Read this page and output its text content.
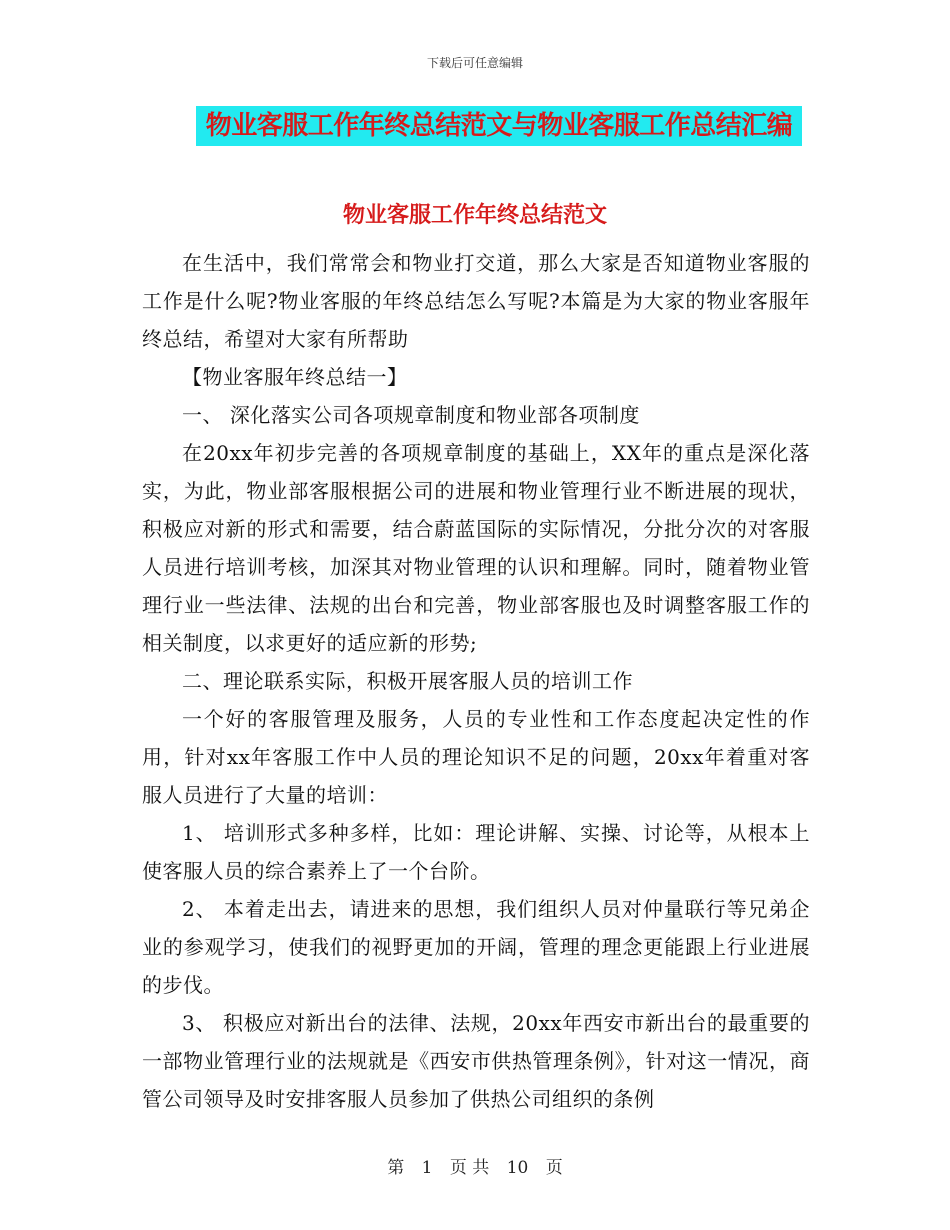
下载后可任意编辑
物业客服工作年终总结范文与物业客服工作总结汇编
物业客服工作年终总结范文

在生活中，我们常常会和物业打交道，那么大家是否知道物业客服的工作是什么呢?物业客服的年终总结怎么写呢?本篇是为大家的物业客服年终总结，希望对大家有所帮助

【物业客服年终总结一】

一、 深化落实公司各项规章制度和物业部各项制度

在20xx年初步完善的各项规章制度的基础上，XX年的重点是深化落实，为此，物业部客服根据公司的进展和物业管理行业不断进展的现状，积极应对新的形式和需要，结合蔚蓝国际的实际情况，分批分次的对客服人员进行培训考核，加深其对物业管理的认识和理解。同时，随着物业管理行业一些法律、法规的出台和完善，物业部客服也及时调整客服工作的相关制度，以求更好的适应新的形势;

二、理论联系实际，积极开展客服人员的培训工作

一个好的客服管理及服务，人员的专业性和工作态度起决定性的作用，针对xx年客服工作中人员的理论知识不足的问题，20xx年着重对客服人员进行了大量的培训：

1、 培训形式多种多样，比如：理论讲解、实操、讨论等，从根本上使客服人员的综合素养上了一个台阶。

2、 本着走出去，请进来的思想，我们组织人员对仲量联行等兄弟企业的参观学习，使我们的视野更加的开阔，管理的理念更能跟上行业进展的步伐。

3、 积极应对新出台的法律、法规，20xx年西安市新出台的最重要的一部物业管理行业的法规就是《西安市供热管理条例》，针对这一情况，商管公司领导及时安排客服人员参加了供热公司组织的条例

第 1 页 共 10 页
